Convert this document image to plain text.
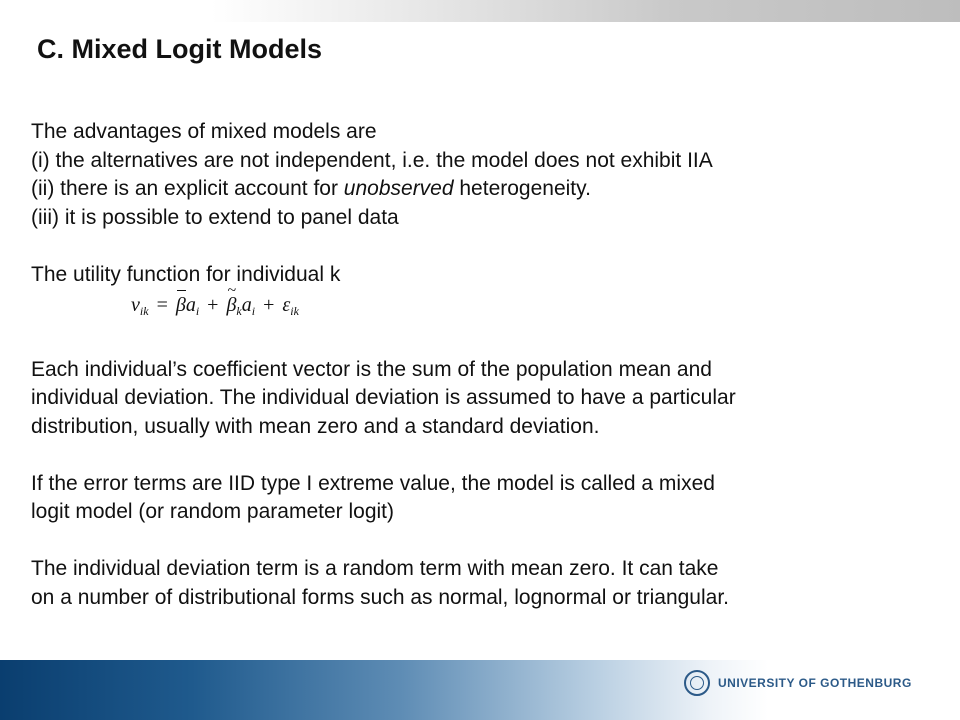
C. Mixed Logit Models
The advantages of mixed models are
(i) the alternatives are not independent, i.e. the model does not exhibit IIA
(ii) there is an explicit account for unobserved heterogeneity.
(iii) it is possible to extend to panel data
The utility function for individual k
$v_{ik} = \beta a_i$ + ~ $\beta_ka_i + \varepsilon_{ik}$
Each individual’s coefficient vector is the sum of the population mean and
individual deviation. The individual deviation is assumed to have a particular
distribution, usually with mean zero and a standard deviation.
If the error terms are IID type I extreme value, the model is called a mixed
logit model (or random parameter logit)
The individual deviation term is a random term with mean zero. It can take
on a number of distributional forms such as normal, lognormal or triangular.
UNIVERSITY OF GOTHENBURG
